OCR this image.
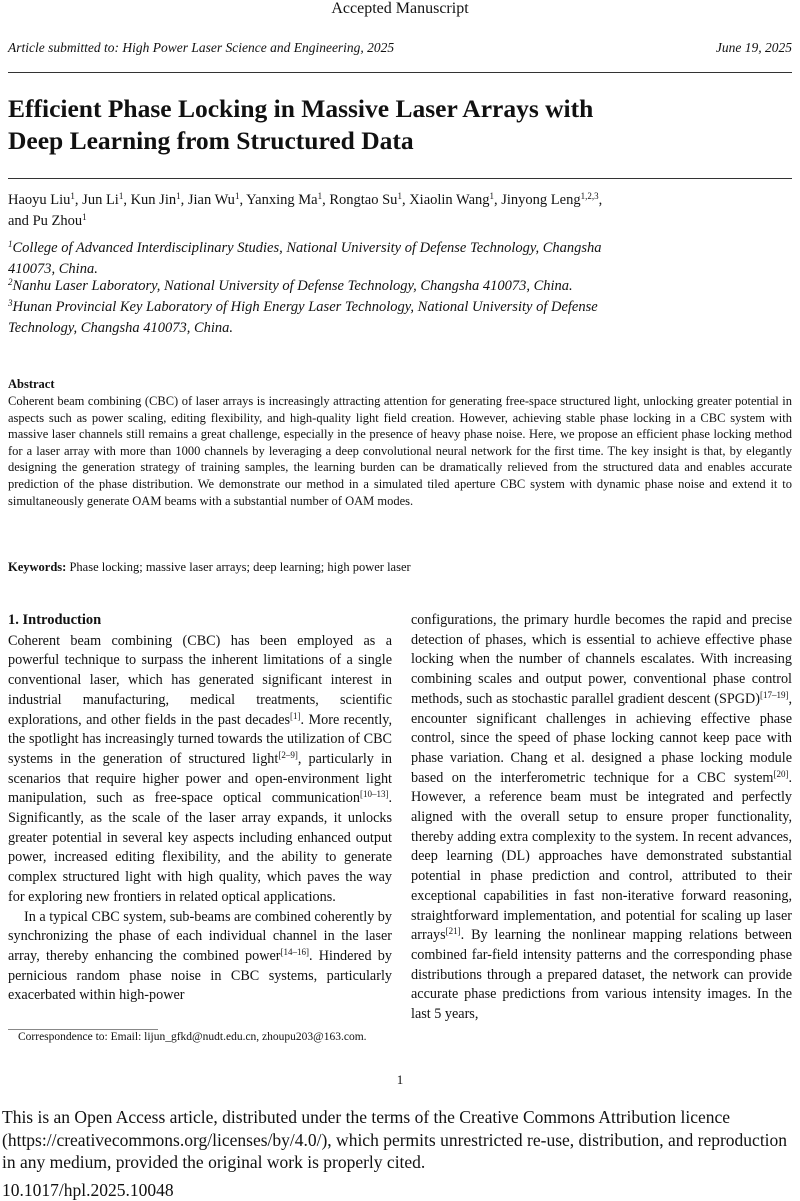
Accepted Manuscript
Article submitted to: High Power Laser Science and Engineering, 2025	June 19, 2025
Efficient Phase Locking in Massive Laser Arrays with
Deep Learning from Structured Data
Haoyu Liu$^1$, Jun Li$^1$, Kun Jin$^1$, Jian Wu$^1$, Yanxing Ma$^1$, Rongtao Su$^1$, Xiaolin Wang$^1$, Jinyong Leng$^{1,2,3}$,
and Pu Zhou$^1$
$^1$College of Advanced Interdisciplinary Studies, National University of Defense Technology, Changsha
410073, China.
$^2$Nanhu Laser Laboratory, National University of Defense Technology, Changsha 410073, China.
$^3$Hunan Provincial Key Laboratory of High Energy Laser Technology, National University of Defense
Technology, Changsha 410073, China.
Abstract
Coherent beam combining (CBC) of laser arrays is increasingly attracting attention for generating free-space structured light, unlocking greater potential in aspects such as power scaling, editing flexibility, and high-quality light field creation. However, achieving stable phase locking in a CBC system with massive laser channels still remains a great challenge, especially in the presence of heavy phase noise. Here, we propose an efficient phase locking method for a laser array with more than 1000 channels by leveraging a deep convolutional neural network for the first time. The key insight is that, by elegantly designing the generation strategy of training samples, the learning burden can be dramatically relieved from the structured data and enables accurate prediction of the phase distribution. We demonstrate our method in a simulated tiled aperture CBC system with dynamic phase noise and extend it to simultaneously generate OAM beams with a substantial number of OAM modes.
Keywords: Phase locking; massive laser arrays; deep learning; high power laser
1. Introduction

Coherent beam combining (CBC) has been employed as a powerful technique to surpass the inherent limitations of a single conventional laser, which has generated significant interest in industrial manufacturing, medical treatments, scientific explorations, and other fields in the past decades[1]. More recently, the spotlight has increasingly turned towards the utilization of CBC systems in the generation of structured light[2–9], particularly in scenarios that require higher power and open-environment light manipulation, such as free-space optical communication[10–13]. Significantly, as the scale of the laser array expands, it unlocks greater potential in several key aspects including enhanced output power, increased editing flexibility, and the ability to generate complex structured light with high quality, which paves the way for exploring new frontiers in related optical applications.

In a typical CBC system, sub-beams are combined coherently by synchronizing the phase of each individual channel in the laser array, thereby enhancing the combined power[14–16]. Hindered by pernicious random phase noise in CBC systems, particularly exacerbated within high-power

configurations, the primary hurdle becomes the rapid and precise detection of phases, which is essential to achieve effective phase locking when the number of channels escalates. With increasing combining scales and output power, conventional phase control methods, such as stochastic parallel gradient descent (SPGD)[17–19], encounter significant challenges in achieving effective phase control, since the speed of phase locking cannot keep pace with phase variation. Chang et al. designed a phase locking module based on the interferometric technique for a CBC system[20]. However, a reference beam must be integrated and perfectly aligned with the overall setup to ensure proper functionality, thereby adding extra complexity to the system. In recent advances, deep learning (DL) approaches have demonstrated substantial potential in phase prediction and control, attributed to their exceptional capabilities in fast non-iterative forward reasoning, straightforward implementation, and potential for scaling up laser arrays[21]. By learning the nonlinear mapping relations between combined far-field intensity patterns and the corresponding phase distributions through a prepared dataset, the network can provide accurate phase predictions from various intensity images. In the last 5 years,

Correspondence to: Email: lijun_gfkd@nudt.edu.cn, zhoupu203@163.com.
1
This is an Open Access article, distributed under the terms of the Creative Commons Attribution licence
(https://creativecommons.org/licenses/by/4.0/), which permits unrestricted re-use, distribution, and reproduction
in any medium, provided the original work is properly cited.
10.1017/hpl.2025.10048
